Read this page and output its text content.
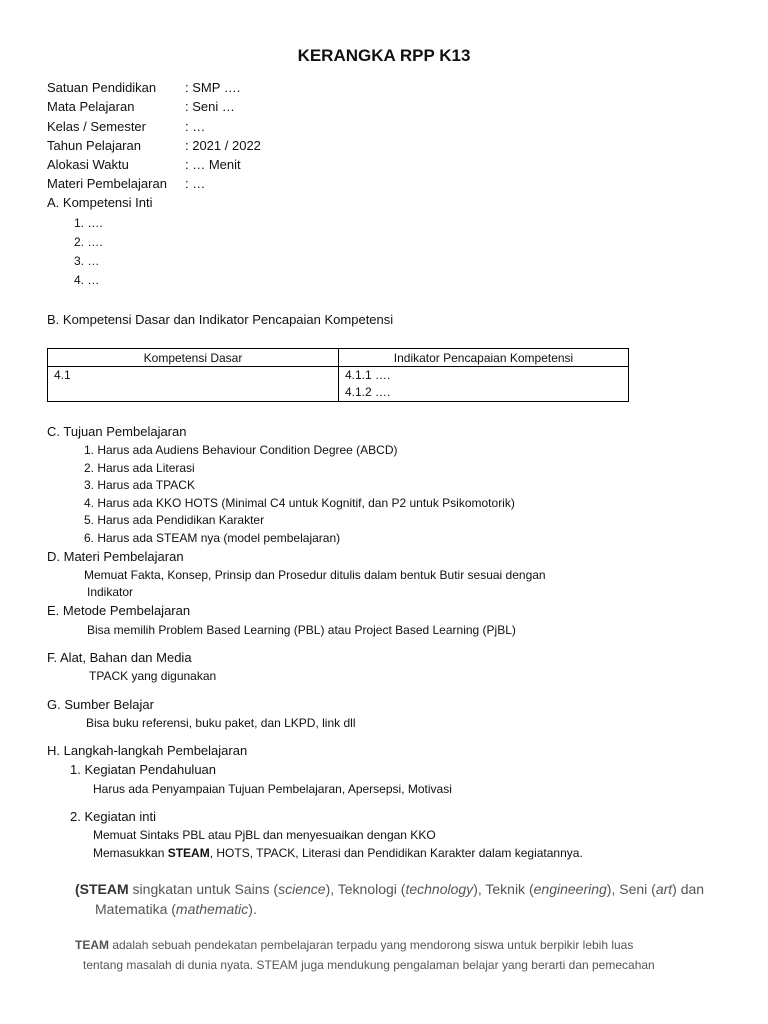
KERANGKA RPP K13
Satuan Pendidikan : SMP ….
Mata Pelajaran	: Seni …
Kelas / Semester	: …
Tahun Pelajaran	: 2021 / 2022
Alokasi Waktu	: … Menit
Materi Pembelajaran : …
A. Kompetensi Inti
1. ….
2. ….
3. …
4. …
B. Kompetensi Dasar dan Indikator Pencapaian Kompetensi
Kompetensi Dasar	Indikator Pencapaian Kompetensi
4.1	4.1.1 ….
4.1.2 ….
C. Tujuan Pembelajaran
1. Harus ada Audiens Behaviour Condition Degree (ABCD)
2. Harus ada Literasi
3. Harus ada TPACK
4. Harus ada KKO HOTS (Minimal C4 untuk Kognitif, dan P2 untuk Psikomotorik)
5. Harus ada Pendidikan Karakter
6. Harus ada STEAM nya (model pembelajaran)
D. Materi Pembelajaran
Memuat Fakta, Konsep, Prinsip dan Prosedur ditulis dalam bentuk Butir sesuai dengan
Indikator
E. Metode Pembelajaran
Bisa memilih Problem Based Learning (PBL) atau Project Based Learning (PjBL)
F. Alat, Bahan dan Media
TPACK yang digunakan
G. Sumber Belajar
Bisa buku referensi, buku paket, dan LKPD, link dll
H. Langkah-langkah Pembelajaran
1. Kegiatan Pendahuluan
Harus ada Penyampaian Tujuan Pembelajaran, Apersepsi, Motivasi
2. Kegiatan inti
Memuat Sintaks PBL atau PjBL dan menyesuaikan dengan KKO
Memasukkan STEAM, HOTS, TPACK, Literasi dan Pendidikan Karakter dalam kegiatannya.
(STEAM singkatan untuk Sains (science), Teknologi (technology), Teknik (engineering), Seni (art) dan
Matematika (mathematic).
TEAM adalah sebuah pendekatan pembelajaran terpadu yang mendorong siswa untuk berpikir lebih luas
tentang masalah di dunia nyata. STEAM juga mendukung pengalaman belajar yang berarti dan pemecahan
